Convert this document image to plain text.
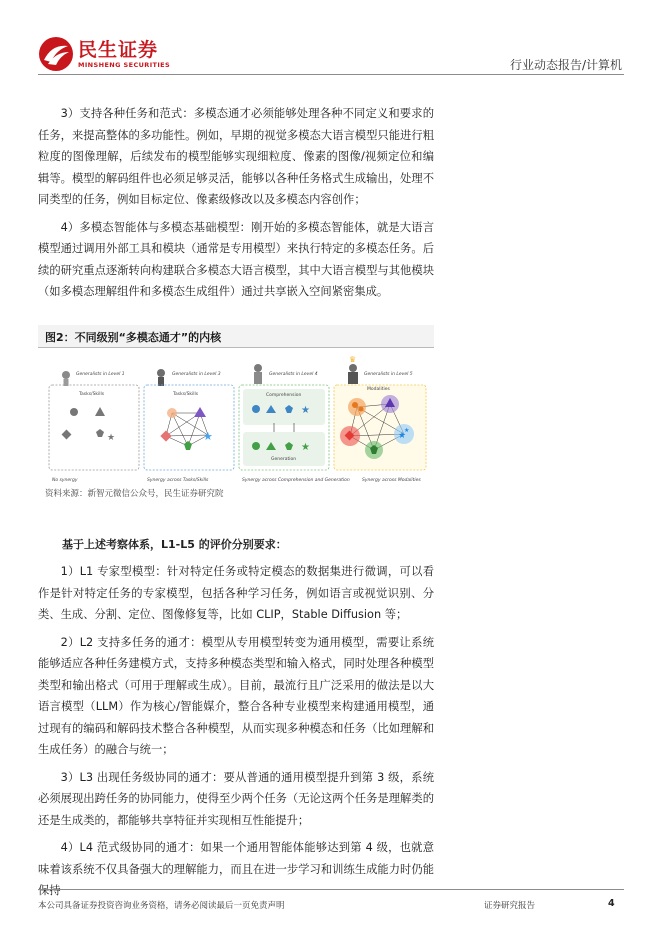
民生证券
MINSHENG SECURITIES	行业动态报告/计算机

3）支持各种任务和范式：多模态通才必须能够处理各种不同定义和要求的任务，来提高整体的多功能性。例如，早期的视觉多模态大语言模型只能进行粗粒度的图像理解，后续发布的模型能够实现细粒度、像素的图像/视频定位和编辑等。模型的解码组件也必须足够灵活，能够以各种任务格式生成输出，处理不同类型的任务，例如目标定位、像素级修改以及多模态内容创作；

4）多模态智能体与多模态基础模型：刚开始的多模态智能体，就是大语言模型通过调用外部工具和模块（通常是专用模型）来执行特定的多模态任务。后续的研究重点逐渐转向构建联合多模态大语言模型，其中大语言模型与其他模块（如多模态理解组件和多模态生成组件）通过共享嵌入空间紧密集成。

图2：不同级别“多模态通才”的内核
Generalists in Level 1
Tasks/Skills
★
No synergy
Generalists in Level 3
Tasks/Skills
★
Synergy across Tasks/Skills
Generalists in Level 4
Comprehension
★
★
Generation
Synergy across Comprehension and Generation
♛
Generalists in Level 5
Modalities
★
★
Synergy across Modalities
资料来源：新智元微信公众号，民生证券研究院
基于上述考察体系，L1-L5 的评价分别要求：

1）L1 专家型模型：针对特定任务或特定模态的数据集进行微调，可以看作是针对特定任务的专家模型，包括各种学习任务，例如语言或视觉识别、分类、生成、分割、定位、图像修复等，比如 CLIP，Stable Diffusion 等；

2）L2 支持多任务的通才：模型从专用模型转变为通用模型，需要让系统能够适应各种任务建模方式，支持多种模态类型和输入格式，同时处理各种模型类型和输出格式（可用于理解或生成）。目前，最流行且广泛采用的做法是以大语言模型（LLM）作为核心/智能媒介，整合各种专业模型来构建通用模型，通过现有的编码和解码技术整合各种模型，从而实现多种模态和任务（比如理解和生成任务）的融合与统一；

3）L3 出现任务级协同的通才：要从普通的通用模型提升到第 3 级，系统必须展现出跨任务的协同能力，使得至少两个任务（无论这两个任务是理解类的还是生成类的，都能够共享特征并实现相互性能提升；

4）L4 范式级协同的通才：如果一个通用智能体能够达到第 4 级，也就意味着该系统不仅具备强大的理解能力，而且在进一步学习和训练生成能力时仍能保持

本公司具备证券投资咨询业务资格，请务必阅读最后一页免责声明	证券研究报告	4
